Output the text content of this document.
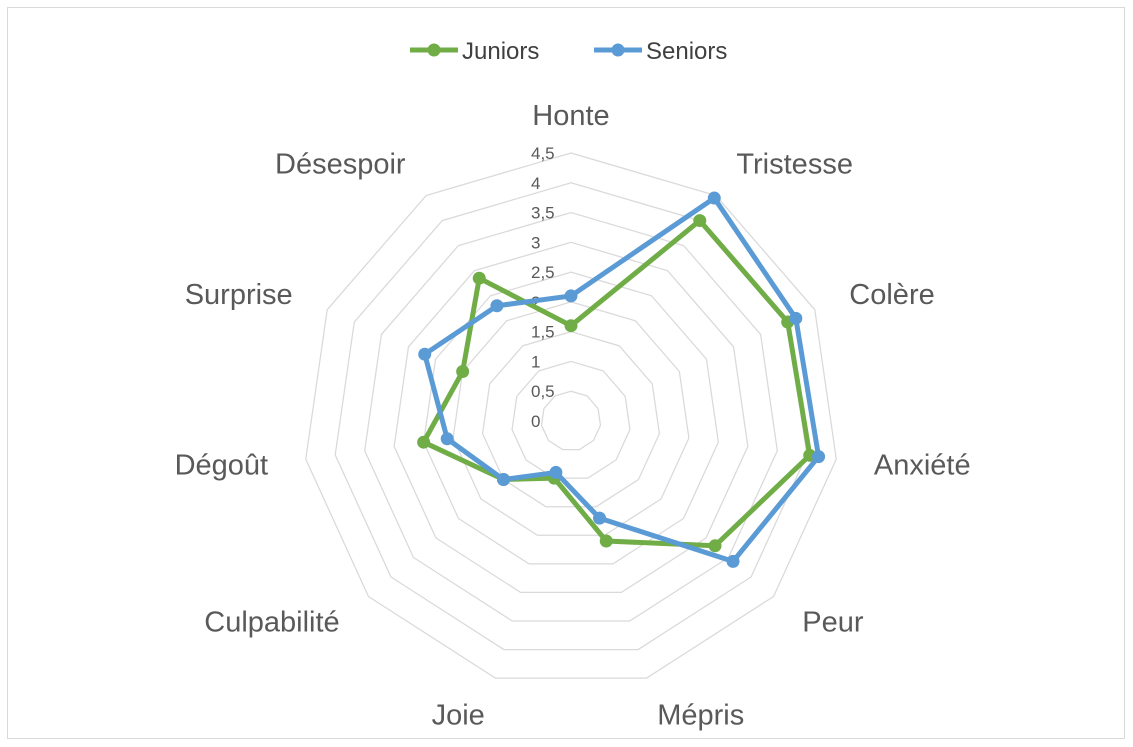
Juniors	Seniors
0
0,5
1
1,5
2
2,5
3
3,5
4
4,5
Honte
Tristesse
Colère
Anxiété
Peur
Mépris
Joie
Culpabilité
Dégoût
Surprise
Désespoir
